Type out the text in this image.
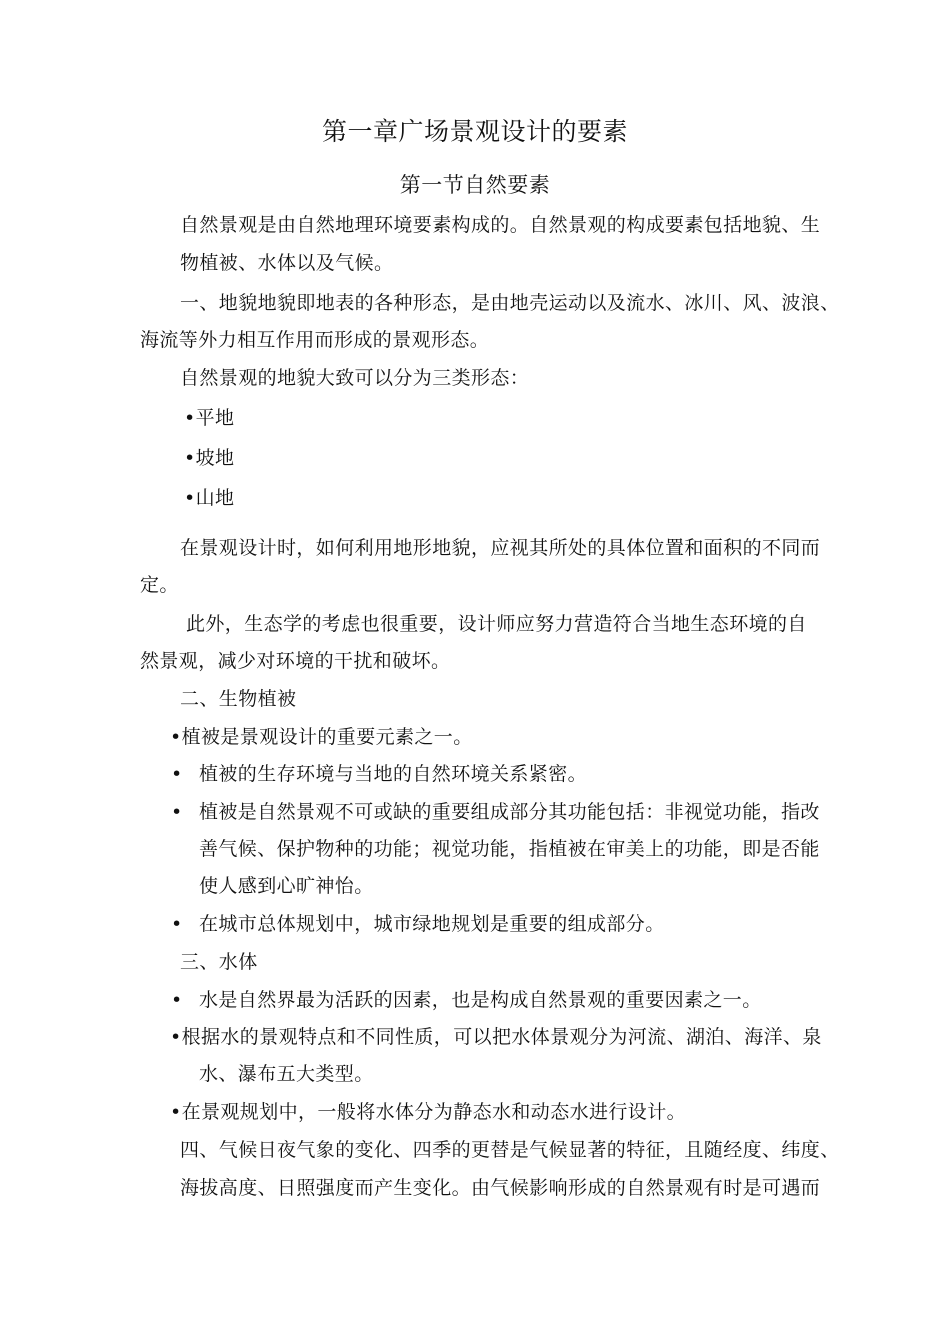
第一章广场景观设计的要素
第一节自然要素
自然景观是由自然地理环境要素构成的。自然景观的构成要素包括地貌、生
物植被、水体以及气候。
一、地貌地貌即地表的各种形态，是由地壳运动以及流水、冰川、风、波浪、
海流等外力相互作用而形成的景观形态。
自然景观的地貌大致可以分为三类形态：
•平地
•坡地
•山地
在景观设计时，如何利用地形地貌，应视其所处的具体位置和面积的不同而
定。
此外，生态学的考虑也很重要，设计师应努力营造符合当地生态环境的自
然景观，减少对环境的干扰和破坏。
二、生物植被
•植被是景观设计的重要元素之一。
• 植被的生存环境与当地的自然环境关系紧密。
• 植被是自然景观不可或缺的重要组成部分其功能包括：非视觉功能，指改
善气候、保护物种的功能；视觉功能，指植被在审美上的功能，即是否能
使人感到心旷神怡。
• 在城市总体规划中，城市绿地规划是重要的组成部分。
三、水体
• 水是自然界最为活跃的因素，也是构成自然景观的重要因素之一。
•根据水的景观特点和不同性质，可以把水体景观分为河流、湖泊、海洋、泉
水、瀑布五大类型。
•在景观规划中，一般将水体分为静态水和动态水进行设计。
四、气候日夜气象的变化、四季的更替是气候显著的特征，且随经度、纬度、
海拔高度、日照强度而产生变化。由气候影响形成的自然景观有时是可遇而
